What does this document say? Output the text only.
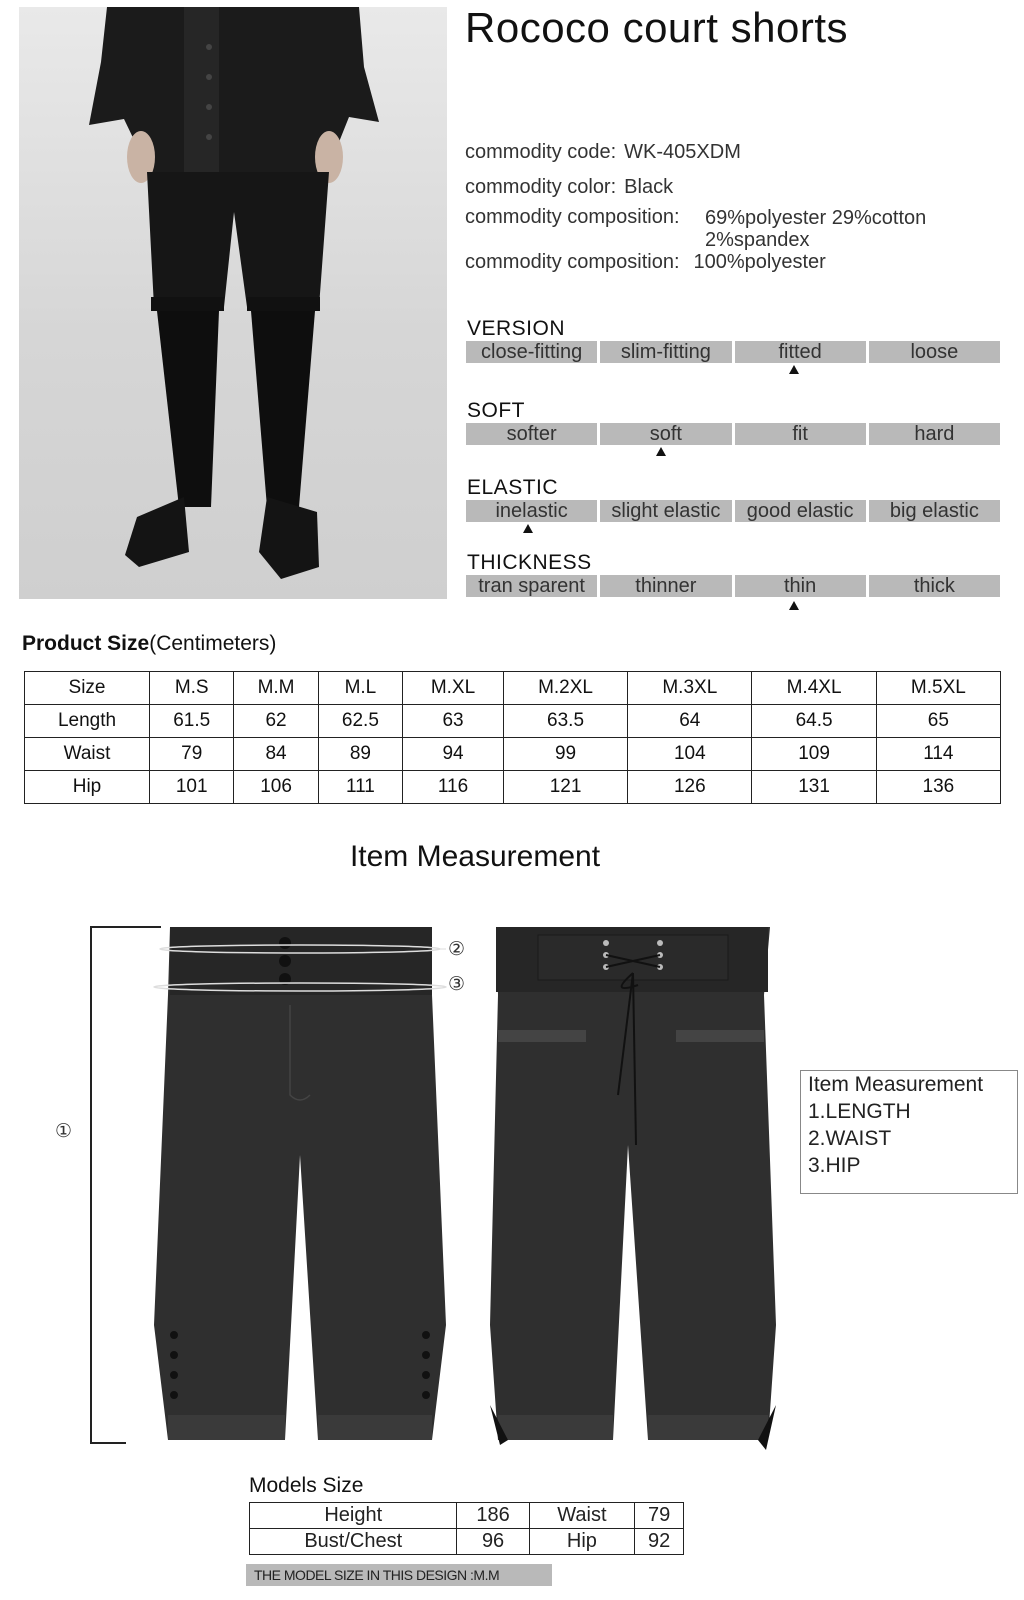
Rococo court shorts
commodity code: WK-405XDM
commodity color: Black
commodity composition: 69%polyester 29%cotton
2%spandex
commodity composition: 100%polyester
VERSION
close-fitting	slim-fitting	fitted	loose
SOFT
softer	soft	fit	hard
ELASTIC
inelastic	slight elastic	good elastic	big elastic
THICKNESS
tran sparent	thinner	thin	thick
Product Size(Centimeters)
Size	M.S	M.M	M.L	M.XL	M.2XL	M.3XL	M.4XL	M.5XL
Length	61.5	62	62.5	63	63.5	64	64.5	65
Waist	79	84	89	94	99	104	109	114
Hip	101	106	111	116	121	126	131	136
Item Measurement
①
②
③
Item Measurement
1.LENGTH
2.WAIST
3.HIP
Models Size
Height	186	Waist	79
Bust/Chest	96	Hip	92
THE MODEL SIZE IN THIS DESIGN :M.M
